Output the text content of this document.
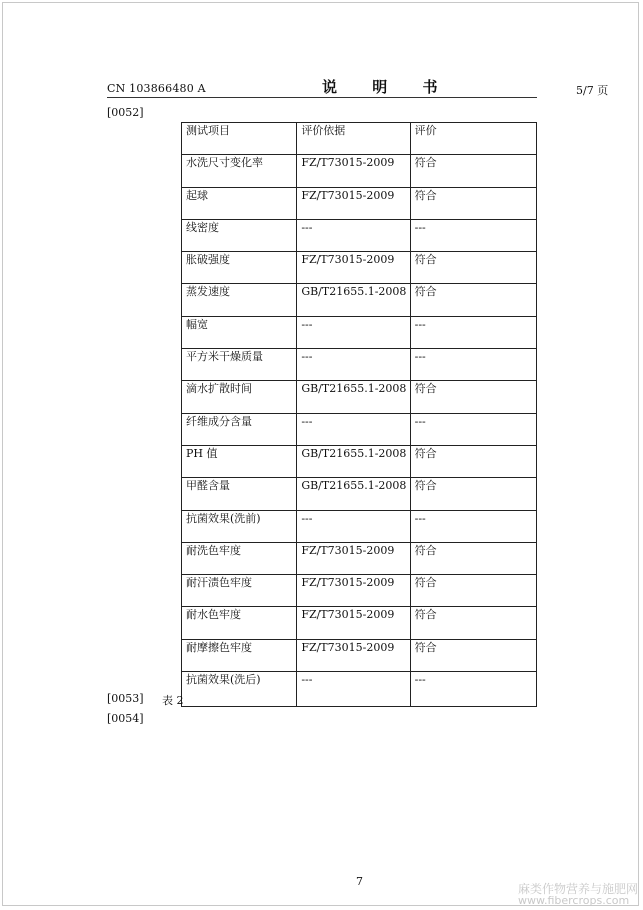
CN 103866480 A	说 明 书	5/7 页
[0052]
测试项目	评价依据	评价
水洗尺寸变化率	FZ/T73015-2009	符合
起球	FZ/T73015-2009	符合
线密度	---	---
胀破强度	FZ/T73015-2009	符合
蒸发速度	GB/T21655.1-2008	符合
幅宽	---	---
平方米干燥质量	---	---
滴水扩散时间	GB/T21655.1-2008	符合
纤维成分含量	---	---
PH 值	GB/T21655.1-2008	符合
甲醛含量	GB/T21655.1-2008	符合
抗菌效果(洗前)	---	---
耐洗色牢度	FZ/T73015-2009	符合
耐汗渍色牢度	FZ/T73015-2009	符合
耐水色牢度	FZ/T73015-2009	符合
耐摩擦色牢度	FZ/T73015-2009	符合
抗菌效果(洗后)	---	---
[0053] 表 2
[0054]
7
麻类作物营养与施肥网
www.fibercrops.com
